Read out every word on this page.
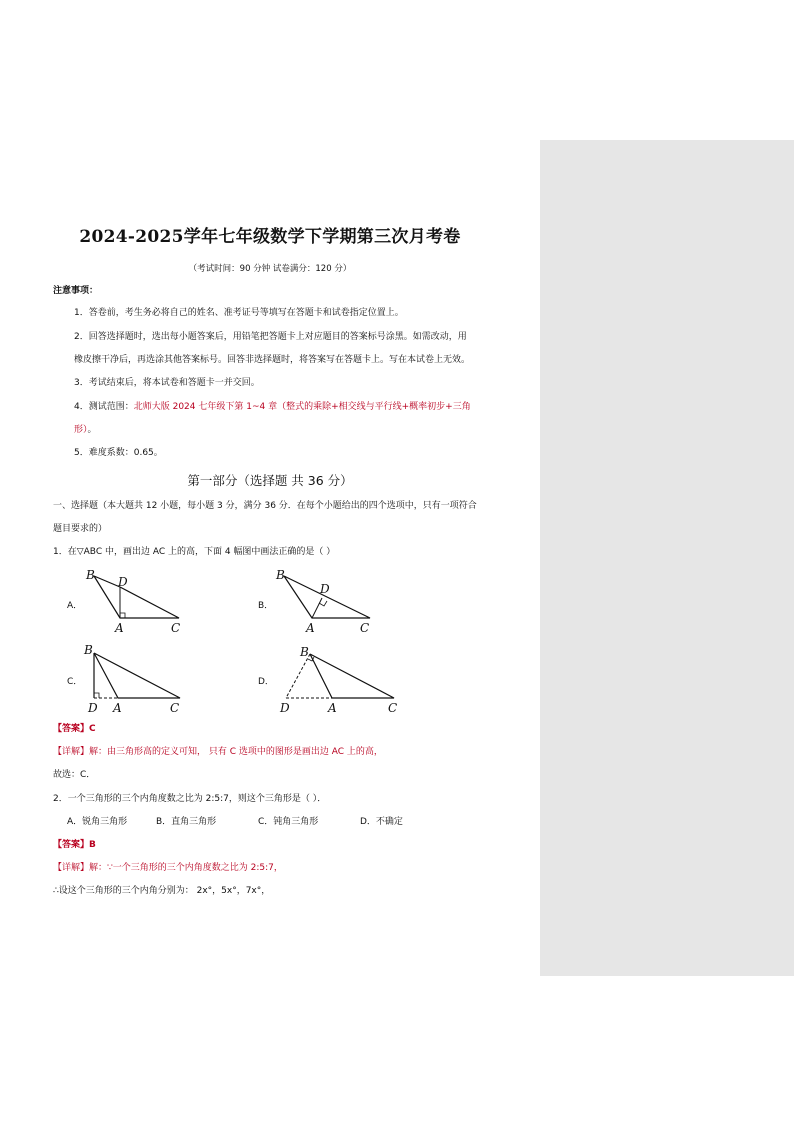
2024-2025学年七年级数学下学期第三次月考卷
（考试时间：90 分钟 试卷满分：120 分）
注意事项：
1．答卷前，考生务必将自己的姓名、准考证号等填写在答题卡和试卷指定位置上。
2．回答选择题时，选出每小题答案后，用铅笔把答题卡上对应题目的答案标号涂黑。如需改动，用
橡皮擦干净后，再选涂其他答案标号。回答非选择题时，将答案写在答题卡上。写在本试卷上无效。
3．考试结束后，将本试卷和答题卡一并交回。
4．测试范围：北师大版 2024 七年级下第 1~4 章（整式的乘除+相交线与平行线+概率初步+三角
形）。
5．难度系数：0.65。
第一部分（选择题 共 36 分）
一、选择题（本大题共 12 小题，每小题 3 分，满分 36 分．在每个小题给出的四个选项中，只有一项符合
题目要求的）
1．在▽ABC 中，画出边 AC 上的高，下面 4 幅图中画法正确的是（ ）
A．	B．
C．	D．
B D
A	C
B
D
A	C
B
D A	C
B
D	A	C
【答案】C
【详解】解：由三角形高的定义可知， 只有 C 选项中的图形是画出边 AC 上的高，
故选：C．
2．一个三角形的三个内角度数之比为 2:5:7，则这个三角形是（ ）．
A．锐角三角形	B．直角三角形	C．钝角三角形	D．不确定
【答案】B
【详解】解：∵一个三角形的三个内角度数之比为 2:5:7，
∴设这个三角形的三个内角分别为： 2x°，5x°，7x°，
